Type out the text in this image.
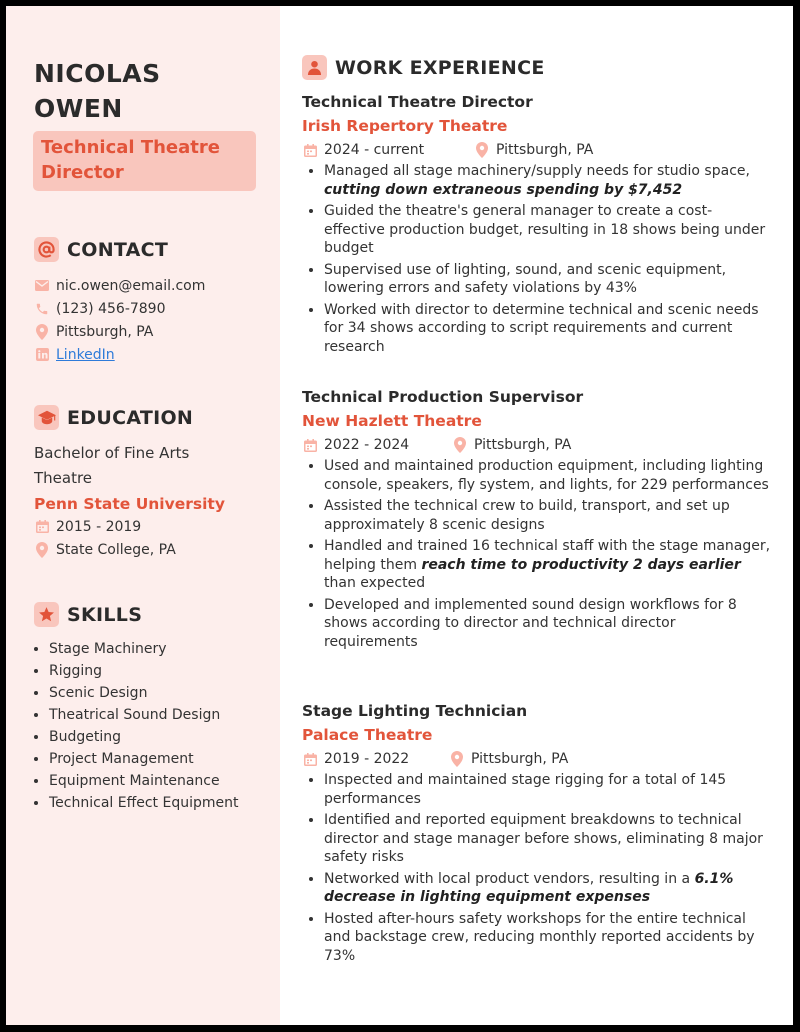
NICOLAS
OWEN
Technical Theatre
Director
CONTACT
nic.owen@email.com
(123) 456-7890
Pittsburgh, PA
LinkedIn
EDUCATION
Bachelor of Fine Arts
Theatre
Penn State University
2015 - 2019
State College, PA
SKILLS
• Stage Machinery
• Rigging
• Scenic Design
• Theatrical Sound Design
• Budgeting
• Project Management
• Equipment Maintenance
• Technical Effect Equipment
WORK EXPERIENCE
Technical Theatre Director
Irish Repertory Theatre
2024 - current	Pittsburgh, PA
• Managed all stage machinery/supply needs for studio space, cutting down extraneous spending by $7,452
• Guided the theatre's general manager to create a cost-effective production budget, resulting in 18 shows being under budget
• Supervised use of lighting, sound, and scenic equipment, lowering errors and safety violations by 43%
• Worked with director to determine technical and scenic needs for 34 shows according to script requirements and current research
Technical Production Supervisor
New Hazlett Theatre
2022 - 2024	Pittsburgh, PA
• Used and maintained production equipment, including lighting console, speakers, fly system, and lights, for 229 performances
• Assisted the technical crew to build, transport, and set up approximately 8 scenic designs
• Handled and trained 16 technical staff with the stage manager, helping them reach time to productivity 2 days earlier than expected
• Developed and implemented sound design workflows for 8 shows according to director and technical director requirements
Stage Lighting Technician
Palace Theatre
2019 - 2022	Pittsburgh, PA
• Inspected and maintained stage rigging for a total of 145 performances
• Identified and reported equipment breakdowns to technical director and stage manager before shows, eliminating 8 major safety risks
• Networked with local product vendors, resulting in a 6.1% decrease in lighting equipment expenses
• Hosted after-hours safety workshops for the entire technical and backstage crew, reducing monthly reported accidents by 73%
